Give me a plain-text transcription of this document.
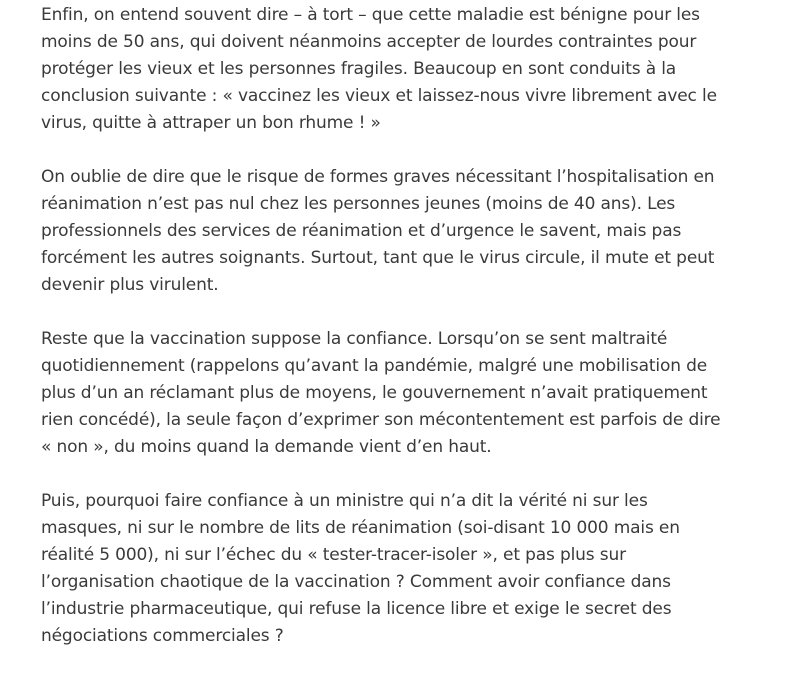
Enfin, on entend souvent dire – à tort – que cette maladie est bénigne pour les moins de 50 ans, qui doivent néanmoins accepter de lourdes contraintes pour protéger les vieux et les personnes fragiles. Beaucoup en sont conduits à la conclusion suivante : « vaccinez les vieux et laissez-nous vivre librement avec le virus, quitte à attraper un bon rhume ! »

On oublie de dire que le risque de formes graves nécessitant l’hospitalisation en réanimation n’est pas nul chez les personnes jeunes (moins de 40 ans). Les professionnels des services de réanimation et d’urgence le savent, mais pas forcément les autres soignants. Surtout, tant que le virus circule, il mute et peut devenir plus virulent.

Reste que la vaccination suppose la confiance. Lorsqu’on se sent maltraité quotidiennement (rappelons qu’avant la pandémie, malgré une mobilisation de plus d’un an réclamant plus de moyens, le gouvernement n’avait pratiquement rien concédé), la seule façon d’exprimer son mécontentement est parfois de dire « non », du moins quand la demande vient d’en haut.

Puis, pourquoi faire confiance à un ministre qui n’a dit la vérité ni sur les masques, ni sur le nombre de lits de réanimation (soi-disant 10 000 mais en réalité 5 000), ni sur l’échec du « tester-tracer-isoler », et pas plus sur l’organisation chaotique de la vaccination ? Comment avoir confiance dans l’industrie pharmaceutique, qui refuse la licence libre et exige le secret des négociations commerciales ?
